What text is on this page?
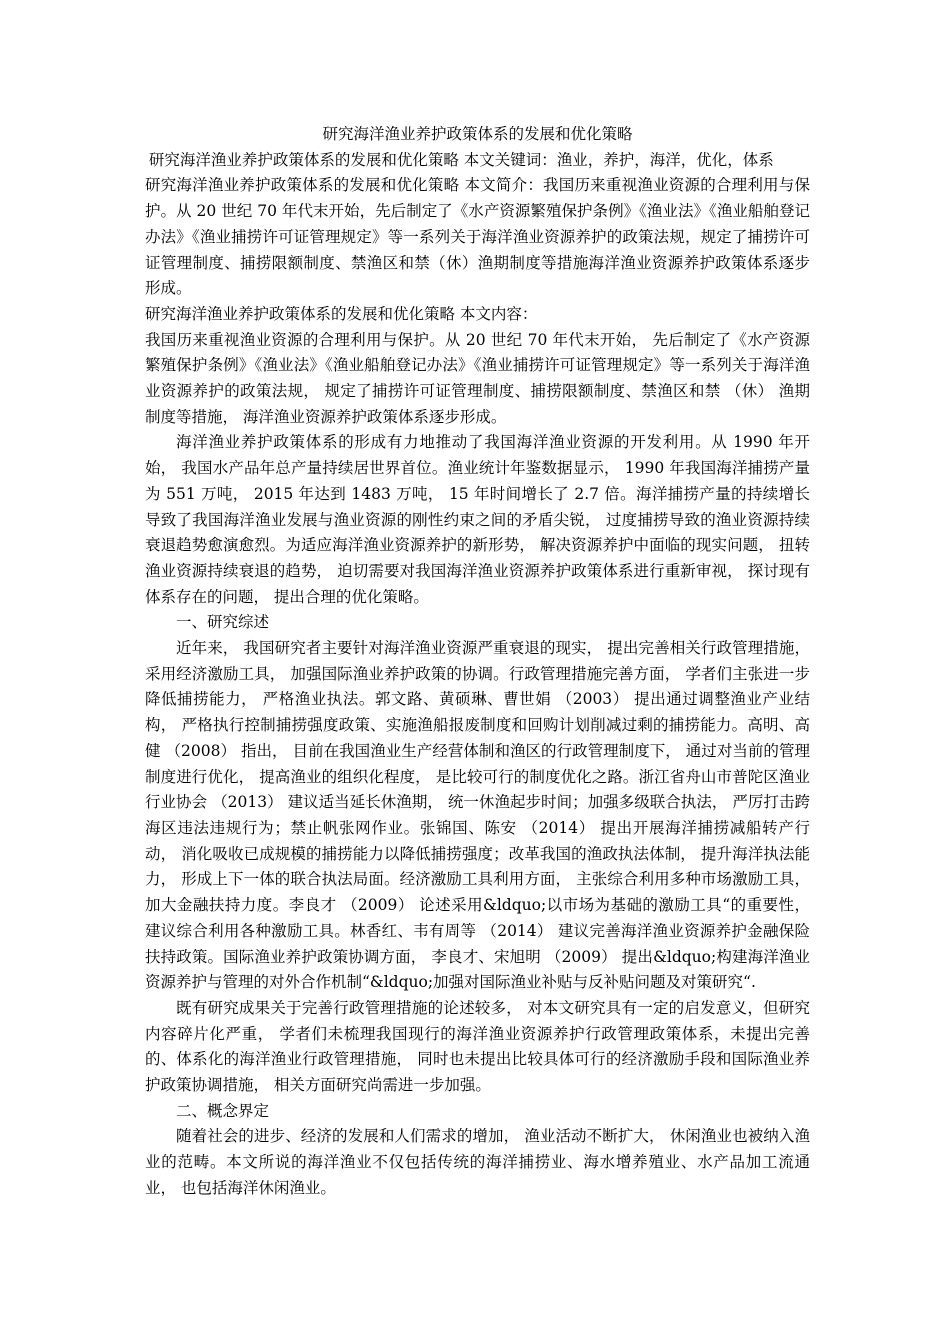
研究海洋渔业养护政策体系的发展和优化策略

研究海洋渔业养护政策体系的发展和优化策略 本文关键词：渔业，养护，海洋，优化，体系

研究海洋渔业养护政策体系的发展和优化策略 本文简介：我国历来重视渔业资源的合理利用与保护。从 20 世纪 70 年代末开始，先后制定了《水产资源繁殖保护条例》《渔业法》《渔业船舶登记办法》《渔业捕捞许可证管理规定》等一系列关于海洋渔业资源养护的政策法规，规定了捕捞许可证管理制度、捕捞限额制度、禁渔区和禁（休）渔期制度等措施海洋渔业资源养护政策体系逐步形成。

研究海洋渔业养护政策体系的发展和优化策略 本文内容：

我国历来重视渔业资源的合理利用与保护。从 20 世纪 70 年代末开始， 先后制定了《水产资源繁殖保护条例》《渔业法》《渔业船舶登记办法》《渔业捕捞许可证管理规定》等一系列关于海洋渔业资源养护的政策法规， 规定了捕捞许可证管理制度、捕捞限额制度、禁渔区和禁 （休） 渔期制度等措施， 海洋渔业资源养护政策体系逐步形成。

海洋渔业养护政策体系的形成有力地推动了我国海洋渔业资源的开发利用。从 1990 年开始， 我国水产品年总产量持续居世界首位。渔业统计年鉴数据显示， 1990 年我国海洋捕捞产量为 551 万吨， 2015 年达到 1483 万吨， 15 年时间增长了 2.7 倍。海洋捕捞产量的持续增长导致了我国海洋渔业发展与渔业资源的刚性约束之间的矛盾尖锐， 过度捕捞导致的渔业资源持续衰退趋势愈演愈烈。为适应海洋渔业资源养护的新形势， 解决资源养护中面临的现实问题， 扭转渔业资源持续衰退的趋势， 迫切需要对我国海洋渔业资源养护政策体系进行重新审视， 探讨现有体系存在的问题， 提出合理的优化策略。

一、研究综述

近年来， 我国研究者主要针对海洋渔业资源严重衰退的现实， 提出完善相关行政管理措施， 采用经济激励工具， 加强国际渔业养护政策的协调。行政管理措施完善方面， 学者们主张进一步降低捕捞能力， 严格渔业执法。郭文路、黄硕琳、曹世娟 （2003） 提出通过调整渔业产业结构， 严格执行控制捕捞强度政策、实施渔船报废制度和回购计划削减过剩的捕捞能力。高明、高健 （2008） 指出， 目前在我国渔业生产经营体制和渔区的行政管理制度下， 通过对当前的管理制度进行优化， 提高渔业的组织化程度， 是比较可行的制度优化之路。浙江省舟山市普陀区渔业行业协会 （2013） 建议适当延长休渔期， 统一休渔起步时间；加强多级联合执法， 严厉打击跨海区违法违规行为；禁止帆张网作业。张锦国、陈安 （2014） 提出开展海洋捕捞减船转产行动， 消化吸收已成规模的捕捞能力以降低捕捞强度；改革我国的渔政执法体制， 提升海洋执法能力， 形成上下一体的联合执法局面。经济激励工具利用方面， 主张综合利用多种市场激励工具， 加大金融扶持力度。李良才 （2009） 论述采用&ldquo;以市场为基础的激励工具“的重要性， 建议综合利用各种激励工具。林香红、韦有周等 （2014） 建议完善海洋渔业资源养护金融保险扶持政策。国际渔业养护政策协调方面， 李良才、宋旭明 （2009） 提出&ldquo;构建海洋渔业资源养护与管理的对外合作机制“&ldquo;加强对国际渔业补贴与反补贴问题及对策研究“.

既有研究成果关于完善行政管理措施的论述较多， 对本文研究具有一定的启发意义，但研究内容碎片化严重， 学者们未梳理我国现行的海洋渔业资源养护行政管理政策体系，未提出完善的、体系化的海洋渔业行政管理措施， 同时也未提出比较具体可行的经济激励手段和国际渔业养护政策协调措施， 相关方面研究尚需进一步加强。

二、概念界定

随着社会的进步、经济的发展和人们需求的增加， 渔业活动不断扩大， 休闲渔业也被纳入渔业的范畴。本文所说的海洋渔业不仅包括传统的海洋捕捞业、海水增养殖业、水产品加工流通业， 也包括海洋休闲渔业。
